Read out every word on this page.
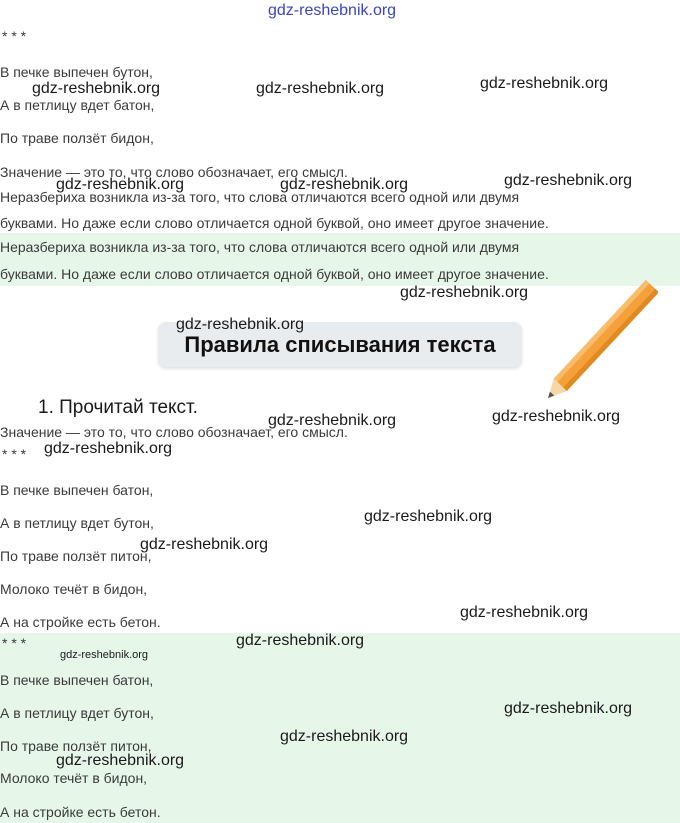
gdz-reshebnik.org
* * *
В печке выпечен бутон,
А в петлицу вдет батон,
По траве ползёт бидон,
Значение — это то, что слово обозначает, его смысл.
Неразбериха возникла из-за того, что слова отличаются всего одной или двумя
буквами. Но даже если слово отличается одной буквой, оно имеет другое значение.
Неразбериха возникла из-за того, что слова отличаются всего одной или двумя
буквами. Но даже если слово отличается одной буквой, оно имеет другое значение.
Правила списывания текста
1. Прочитай текст.
Значение — это то, что слово обозначает, его смысл.
* * *
В печке выпечен батон,
А в петлицу вдет бутон,
По траве ползёт питон,
Молоко течёт в бидон,
А на стройке есть бетон.
* * *
В печке выпечен батон,
А в петлицу вдет бутон,
По траве ползёт питон,
Молоко течёт в бидон,
А на стройке есть бетон.
gdz-reshebnik.org	gdz-reshebnik.org	gdz-reshebnik.org
gdz-reshebnik.org	gdz-reshebnik.org	gdz-reshebnik.org
gdz-reshebnik.org
gdz-reshebnik.org
gdz-reshebnik.org	gdz-reshebnik.org
gdz-reshebnik.org
gdz-reshebnik.org
gdz-reshebnik.org
gdz-reshebnik.org
gdz-reshebnik.org
gdz-reshebnik.org
gdz-reshebnik.org
gdz-reshebnik.org
gdz-reshebnik.org
